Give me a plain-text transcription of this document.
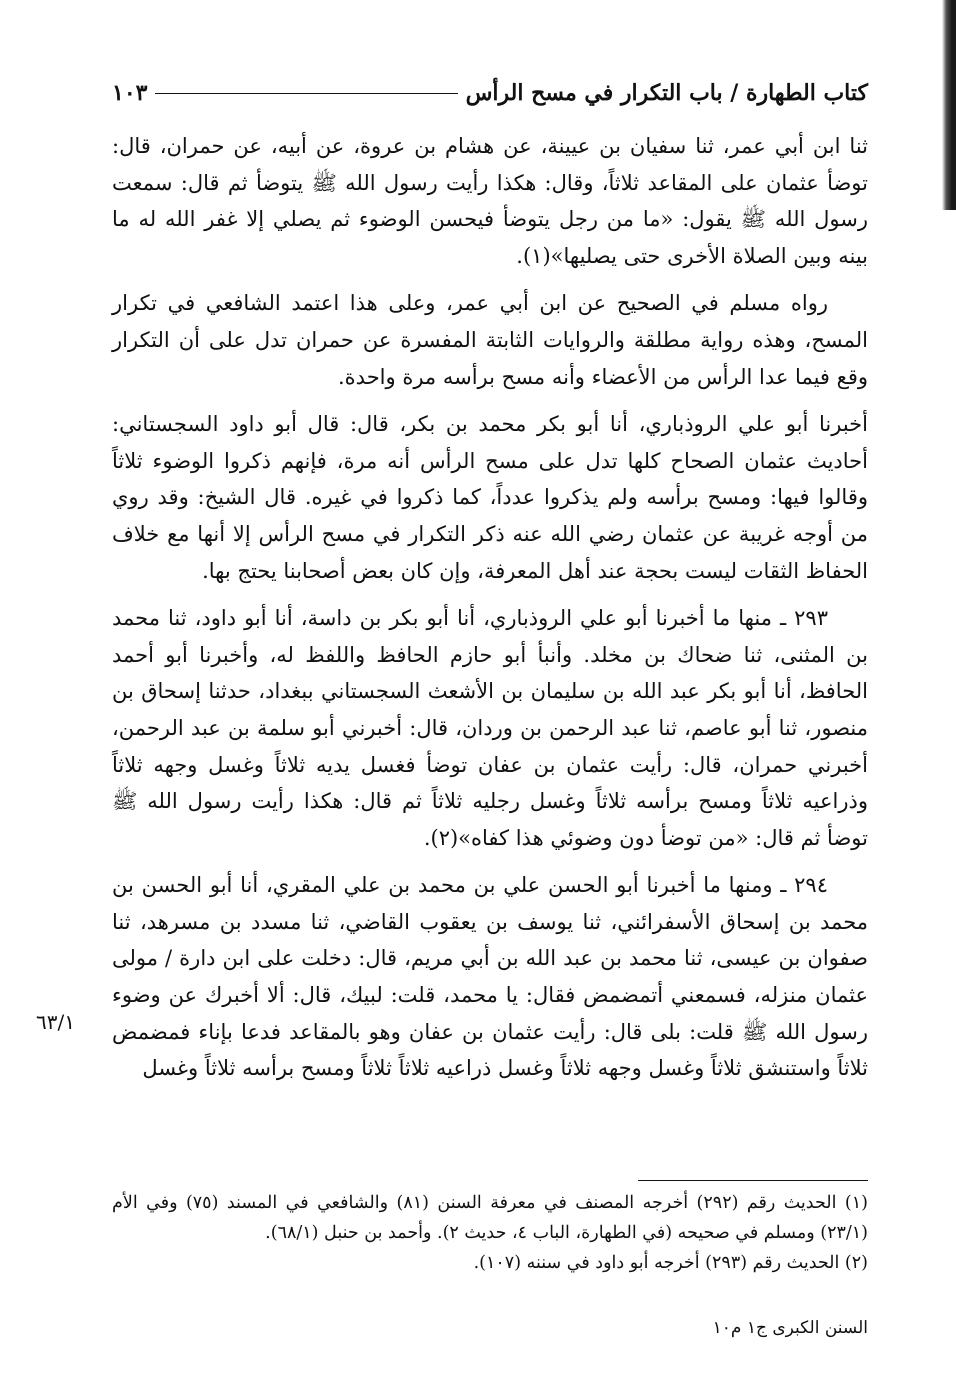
كتاب الطهارة / باب التكرار في مسح الرأس
١٠٣

ثنا ابن أبي عمر، ثنا سفيان بن عيينة، عن هشام بن عروة، عن أبيه، عن حمران، قال: توضأ عثمان على المقاعد ثلاثاً، وقال: هكذا رأيت رسول الله ﷺ يتوضأ ثم قال: سمعت رسول الله ﷺ يقول: «ما من رجل يتوضأ فيحسن الوضوء ثم يصلي إلا غفر الله له ما بينه وبين الصلاة الأخرى حتى يصليها»(١).

رواه مسلم في الصحيح عن ابن أبي عمر، وعلى هذا اعتمد الشافعي في تكرار المسح، وهذه رواية مطلقة والروايات الثابتة المفسرة عن حمران تدل على أن التكرار وقع فيما عدا الرأس من الأعضاء وأنه مسح برأسه مرة واحدة.

أخبرنا أبو علي الروذباري، أنا أبو بكر محمد بن بكر، قال: قال أبو داود السجستاني: أحاديث عثمان الصحاح كلها تدل على مسح الرأس أنه مرة، فإنهم ذكروا الوضوء ثلاثاً وقالوا فيها: ومسح برأسه ولم يذكروا عدداً، كما ذكروا في غيره. قال الشيخ: وقد روي من أوجه غريبة عن عثمان رضي الله عنه ذكر التكرار في مسح الرأس إلا أنها مع خلاف الحفاظ الثقات ليست بحجة عند أهل المعرفة، وإن كان بعض أصحابنا يحتج بها.

٢٩٣ ـ منها ما أخبرنا أبو علي الروذباري، أنا أبو بكر بن داسة، أنا أبو داود، ثنا محمد بن المثنى، ثنا ضحاك بن مخلد. وأنبأ أبو حازم الحافظ واللفظ له، وأخبرنا أبو أحمد الحافظ، أنا أبو بكر عبد الله بن سليمان بن الأشعث السجستاني ببغداد، حدثنا إسحاق بن منصور، ثنا أبو عاصم، ثنا عبد الرحمن بن وردان، قال: أخبرني أبو سلمة بن عبد الرحمن، أخبرني حمران، قال: رأيت عثمان بن عفان توضأ فغسل يديه ثلاثاً وغسل وجهه ثلاثاً وذراعيه ثلاثاً ومسح برأسه ثلاثاً وغسل رجليه ثلاثاً ثم قال: هكذا رأيت رسول الله ﷺ توضأ ثم قال: «من توضأ دون وضوئي هذا كفاه»(٢).

٢٩٤ ـ ومنها ما أخبرنا أبو الحسن علي بن محمد بن علي المقري، أنا أبو الحسن بن محمد بن إسحاق الأسفرائني، ثنا يوسف بن يعقوب القاضي، ثنا مسدد بن مسرهد، ثنا صفوان بن عيسى، ثنا محمد بن عبد الله بن أبي مريم، قال: دخلت على ابن دارة / مولى عثمان منزله، فسمعني أتمضمض فقال: يا محمد، قلت: لبيك، قال: ألا أخبرك عن وضوء رسول الله ﷺ قلت: بلى قال: رأيت عثمان بن عفان وهو بالمقاعد فدعا بإناء فمضمض ثلاثاً واستنشق ثلاثاً وغسل وجهه ثلاثاً وغسل ذراعيه ثلاثاً ثلاثاً ومسح برأسه ثلاثاً وغسل

٦٣/١

(١) الحديث رقم (٢٩٢) أخرجه المصنف في معرفة السنن (٨١) والشافعي في المسند (٧٥) وفي الأم (٢٣/١) ومسلم في صحيحه (في الطهارة، الباب ٤، حديث ٢). وأحمد بن حنبل (٦٨/١).

(٢) الحديث رقم (٢٩٣) أخرجه أبو داود في سننه (١٠٧).

السنن الكبرى ج١ م١٠
